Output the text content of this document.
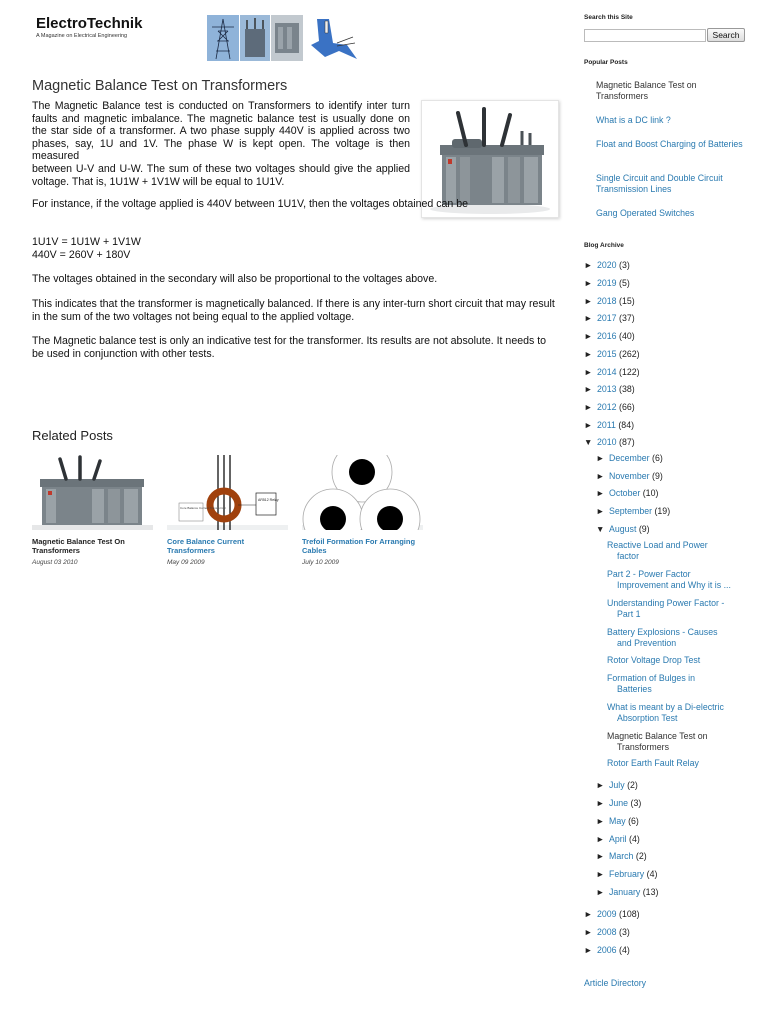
ElectroTechnik
A Magazine on Electrical Engineering
Magnetic Balance Test on Transformers
The Magnetic Balance test is conducted on Transformers to identify inter turn faults and magnetic imbalance. The magnetic balance test is usually done on the star side of a transformer. A two phase supply 440V is applied across two phases, say, 1U and 1V. The phase W is kept open. The voltage is then measured
between U-V and U-W. The sum of these two voltages should give the applied voltage. That is, 1U1W + 1V1W will be equal to 1U1V.
For instance, if the voltage applied is 440V between 1U1V, then the voltages obtained can be
1U1V = 1U1W + 1V1W
440V = 260V + 180V
The voltages obtained in the secondary will also be proportional to the voltages above.
This indicates that the transformer is magnetically balanced. If there is any inter-turn short circuit that may result in the sum of the two voltages not being equal to the applied voltage.
The Magnetic balance test is only an indicative test for the transformer. Its results are not absolute. It needs to be used in conjunction with other tests.
Related Posts
AR512 Relay
Core Balance Current Transformer
Magnetic Balance Test On Transformers
Core Balance Current Transformers
Trefoil Formation For Arranging Cables
August 03 2010	May 09 2009	July 10 2009
Search this Site
Search
Popular Posts
Magnetic Balance Test on Transformers
What is a DC link ?
Float and Boost Charging of Batteries
Single Circuit and Double Circuit Transmission Lines
Gang Operated Switches
Blog Archive
► 2020 (3)
► 2019 (5)
► 2018 (15)
► 2017 (37)
► 2016 (40)
► 2015 (262)
► 2014 (122)
► 2013 (38)
► 2012 (66)
► 2011 (84)
▼ 2010 (87)
► December (6)
► November (9)
► October (10)
► September (19)
▼ August (9)
Reactive Load and Power
factor
Part 2 - Power Factor
Improvement and Why it is ...
Understanding Power Factor -
Part 1
Battery Explosions - Causes
and Prevention
Rotor Voltage Drop Test
Formation of Bulges in
Batteries
What is meant by a Di-electric
Absorption Test
Magnetic Balance Test on
Transformers
Rotor Earth Fault Relay
► July (2)
► June (3)
► May (6)
► April (4)
► March (2)
► February (4)
► January (13)
► 2009 (108)
► 2008 (3)
► 2006 (4)
Article Directory
